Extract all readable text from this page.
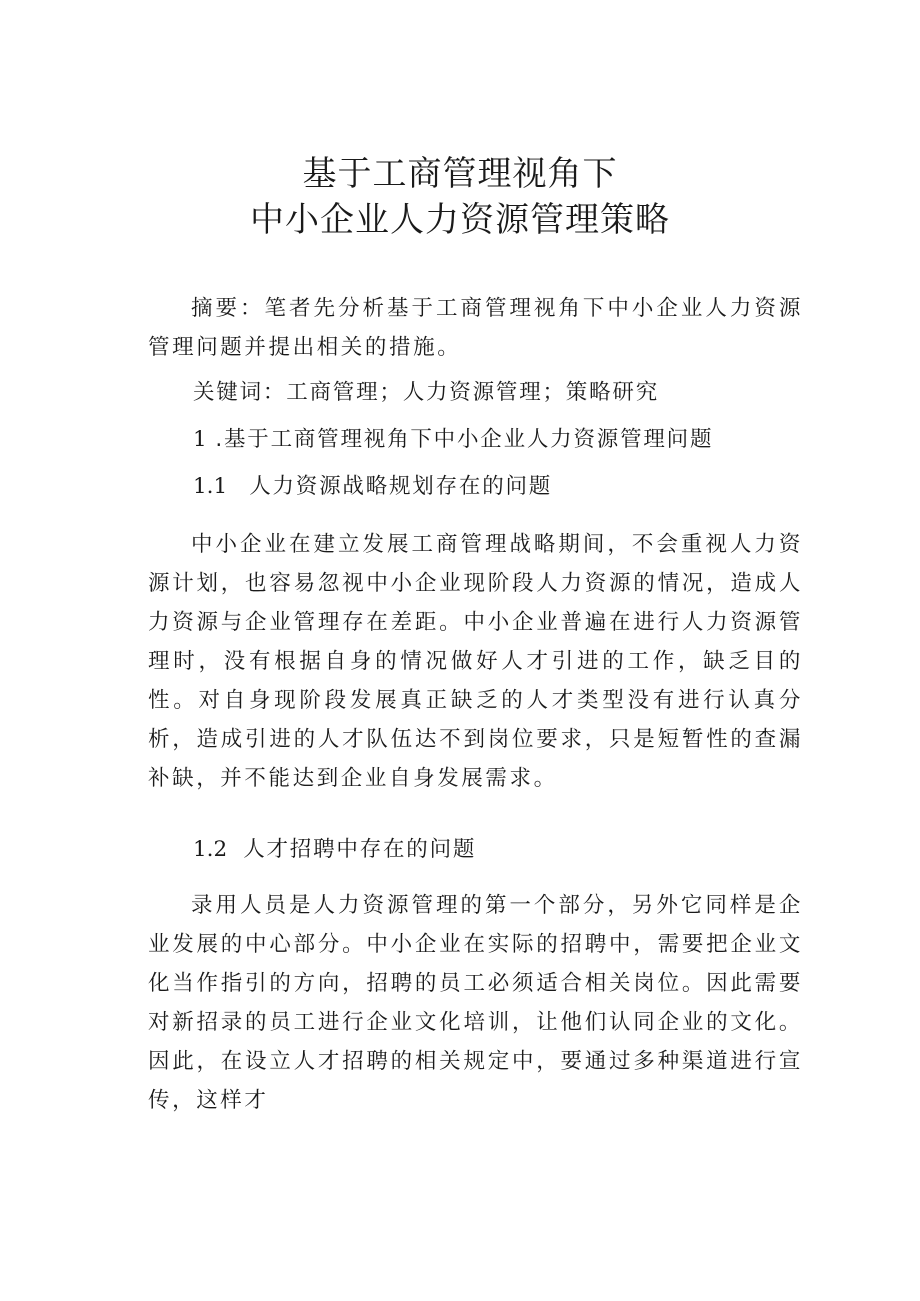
基于工商管理视角下
中小企业人力资源管理策略

摘要：笔者先分析基于工商管理视角下中小企业人力资源管理问题并提出相关的措施。

关键词：工商管理；人力资源管理；策略研究

1 .基于工商管理视角下中小企业人力资源管理问题

1.1 人力资源战略规划存在的问题

中小企业在建立发展工商管理战略期间，不会重视人力资源计划，也容易忽视中小企业现阶段人力资源的情况，造成人力资源与企业管理存在差距。中小企业普遍在进行人力资源管理时，没有根据自身的情况做好人才引进的工作，缺乏目的性。对自身现阶段发展真正缺乏的人才类型没有进行认真分析，造成引进的人才队伍达不到岗位要求，只是短暂性的查漏补缺，并不能达到企业自身发展需求。

1.2 人才招聘中存在的问题

录用人员是人力资源管理的第一个部分，另外它同样是企业发展的中心部分。中小企业在实际的招聘中，需要把企业文化当作指引的方向，招聘的员工必须适合相关岗位。因此需要对新招录的员工进行企业文化培训，让他们认同企业的文化。因此，在设立人才招聘的相关规定中，要通过多种渠道进行宣传，这样才
